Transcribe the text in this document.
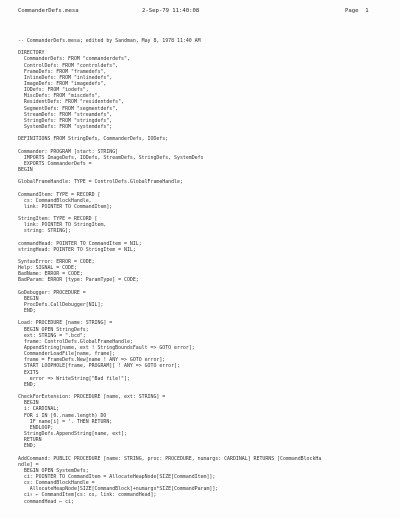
CommanderDefs.mesa	2-Sep-79 11:40:08	Page 1
-- CommanderDefs.mesa; edited by Sandman, May 8, 1978 11:40 AM
DIRECTORY
CommanderDefs: FROM "commanderdefs",
ControlDefs: FROM "controldefs",
FrameDefs: FROM "framedefs",
InlineDefs: FROM "inlinedefs",
ImageDefs: FROM "imagedefs",
IODefs: FROM "iodefs",
MiscDefs: FROM "miscdefs",
ResidentDefs: FROM "residentdefs",
SegmentDefs: FROM "segmentdefs",
StreamDefs: FROM "streamdefs",
StringDefs: FROM "stringdefs",
SystemDefs: FROM "systemdefs";
DEFINITIONS FROM StringDefs, CommanderDefs, IODefs;
Commander: PROGRAM [start: STRING]
IMPORTS ImageDefs, IODefs, StreamDefs, StringDefs, SystemDefs
EXPORTS CommanderDefs =
BEGIN
GlobalFrameHandle: TYPE = ControlDefs.GlobalFrameHandle;
CommandItem: TYPE = RECORD [
cs: CommandBlockHandle,
link: POINTER TO CommandItem];
StringItem: TYPE = RECORD [
link: POINTER TO StringItem,
string: STRING];
commandHead: POINTER TO CommandItem = NIL;
stringHead: POINTER TO StringItem = NIL;
SyntaxError: ERROR = CODE;
Help: SIGNAL = CODE;
BadName: ERROR = CODE;
BadParam: ERROR [type: ParamType] = CODE;
GoDebugger: PROCEDURE =
BEGIN
ProcDefs.CallDebugger[NIL];
END;
Load: PROCEDURE [name: STRING] =
BEGIN OPEN StringDefs;
ext: STRING = ".bcd";
frame: ControlDefs.GlobalFrameHandle;
AppendString[name, ext ! StringBoundsFault => GOTO error];
CommanderLoadFile[name, frame];
frame = FrameDefs.New[name ! ANY => GOTO error];
START LOOPHOLE[frame, PROGRAM][ ! ANY => GOTO error];
EXITS
error => WriteString["Bad file!"];
END;
CheckForExtension: PROCEDURE [name, ext: STRING] =
BEGIN
i: CARDINAL;
FOR i IN [0..name.length) DO
IF name[i] = '. THEN RETURN;
ENDLOOP;
StringDefs.AppendString[name, ext];
RETURN
END;
AddCommand: PUBLIC PROCEDURE [name: STRING, proc: PROCEDURE, numargs: CARDINAL] RETURNS [CommandBlockHa
ndle] =
BEGIN OPEN SystemDefs;
ci: POINTER TO CommandItem = AllocateHeapNode[SIZE[CommandItem]];
cs: CommandBlockHandle =
AllocateHeapNode[SIZE[CommandBlock]+numargs*SIZE[CommandParam]];
ci↑ ← CommandItem[cs: cs, link: commandHead];
commandHead ← ci;
